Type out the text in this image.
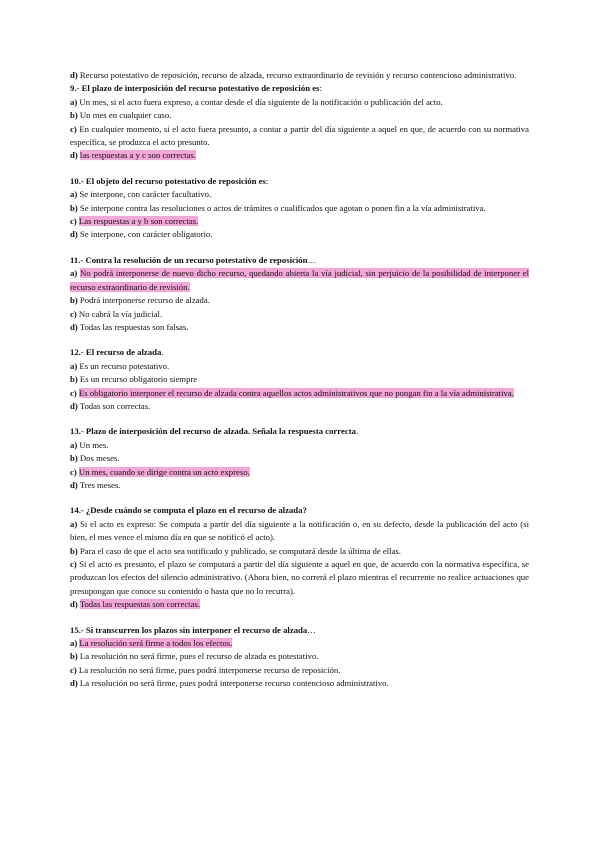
d) Recurso potestativo de reposición, recurso de alzada, recurso extraordinario de revisión y recurso contencioso administrativo.

9.- El plazo de interposición del recurso potestativo de reposición es:

a) Un mes, si el acto fuera expreso, a contar desde el día siguiente de la notificación o publicación del acto.

b) Un mes en cualquier caso.

c) En cualquier momento, si el acto fuera presunto, a contar a partir del día siguiente a aquel en que, de acuerdo con su normativa específica, se produzca el acto presunto.

d) las respuestas a y c son correctas.

10.- El objeto del recurso potestativo de reposición es:

a) Se interpone, con carácter facultativo.

b) Se interpone contra las resoluciones o actos de trámites o cualificados que agotan o ponen fin a la vía administrativa.

c) Las respuestas a y b son correctas.

d) Se interpone, con carácter obligatorio.

11.- Contra la resolución de un recurso potestativo de reposición…

a) No podrá interponerse de nuevo dicho recurso, quedando abierta la vía judicial, sin perjuicio de la posibilidad de interponer el recurso extraordinario de revisión.

b) Podrá interponerse recurso de alzada.

c) No cabrá la vía judicial.

d) Todas las respuestas son falsas.

12.- El recurso de alzada.

a) Es un recurso potestativo.

b) Es un recurso obligatorio siempre

c) Es obligatorio interponer el recurso de alzada contra aquellos actos administrativos que no pongan fin a la vía administrativa.

d) Todas son correctas.

13.- Plazo de interposición del recurso de alzada. Señala la respuesta correcta.

a) Un mes.

b) Dos meses.

c) Un mes, cuando se dirige contra un acto expreso.

d) Tres meses.

14.- ¿Desde cuándo se computa el plazo en el recurso de alzada?

a) Si el acto es expreso: Se computa a partir del día siguiente a la notificación o, en su defecto, desde la publicación del acto (si bien, el mes vence el mismo día en que se notificó el acto).

b) Para el caso de que el acto sea notificado y publicado, se computará desde la última de ellas.

c) Si el acto es presunto, el plazo se computará a partir del día siguiente a aquel en que, de acuerdo con la normativa específica, se produzcan los efectos del silencio administrativo. (Ahora bien, no correrá el plazo mientras el recurrente no realice actuaciones que presupongan que conoce su contenido o hasta que no lo recurra).

d) Todas las respuestas son correctas.

15.- Si transcurren los plazos sin interponer el recurso de alzada…

a) La resolución será firme a todos los efectos.

b) La resolución no será firme, pues el recurso de alzada es potestativo.

c) La resolución no será firme, pues podrá interponerse recurso de reposición.

d) La resolución no será firme, pues podrá interponerse recurso contencioso administrativo.
